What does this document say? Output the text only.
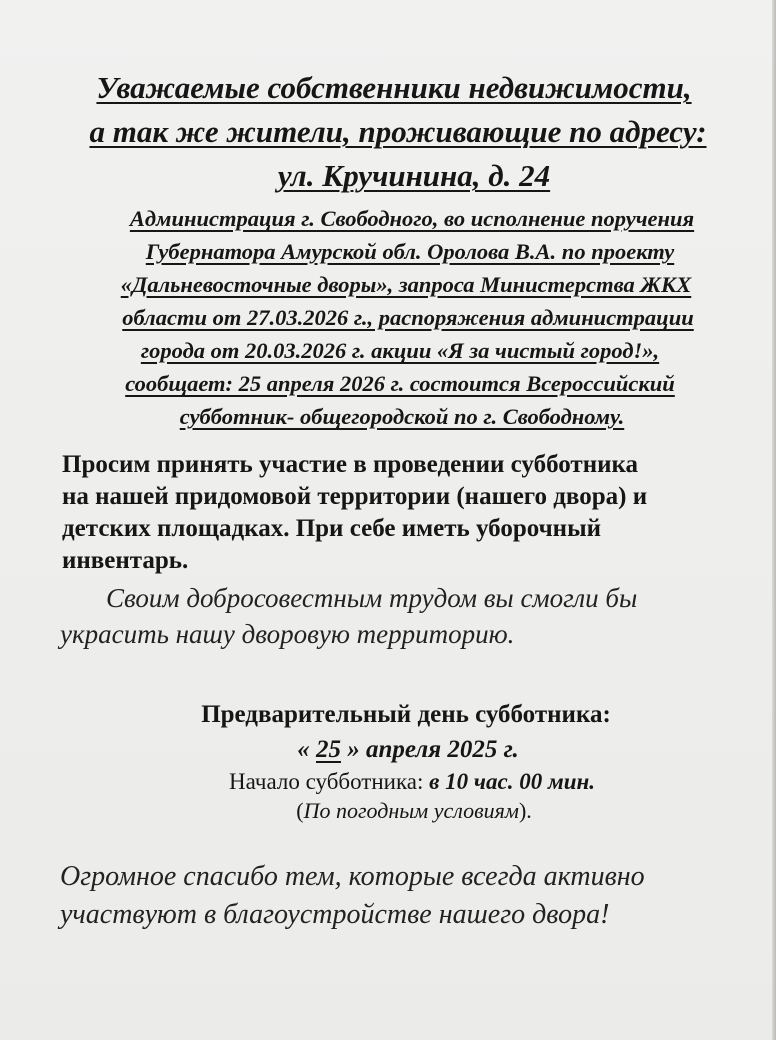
Уважаемые собственники недвижимости,
а так же жители, проживающие по адресу:
ул. Кручинина, д. 24
Администрация г. Свободного, во исполнение поручения
Губернатора Амурской обл. Оролова В.А. по проекту
«Дальневосточные дворы», запроса Министерства ЖКХ
области от 27.03.2026 г., распоряжения администрации
города от 20.03.2026 г. акции «Я за чистый город!»,
сообщает: 25 апреля 2026 г. состоится Всероссийский
субботник- общегородской по г. Свободному.
Просим принять участие в проведении субботника
на нашей придомовой территории (нашего двора) и
детских площадках. При себе иметь уборочный
инвентарь.
Своим добросовестным трудом вы смогли бы
украсить нашу дворовую территорию.
Предварительный день субботника:
« 25 » апреля 2025 г.
Начало субботника: в 10 час. 00 мин.
(По погодным условиям).
Огромное спасибо тем, которые всегда активно
участвуют в благоустройстве нашего двора!
